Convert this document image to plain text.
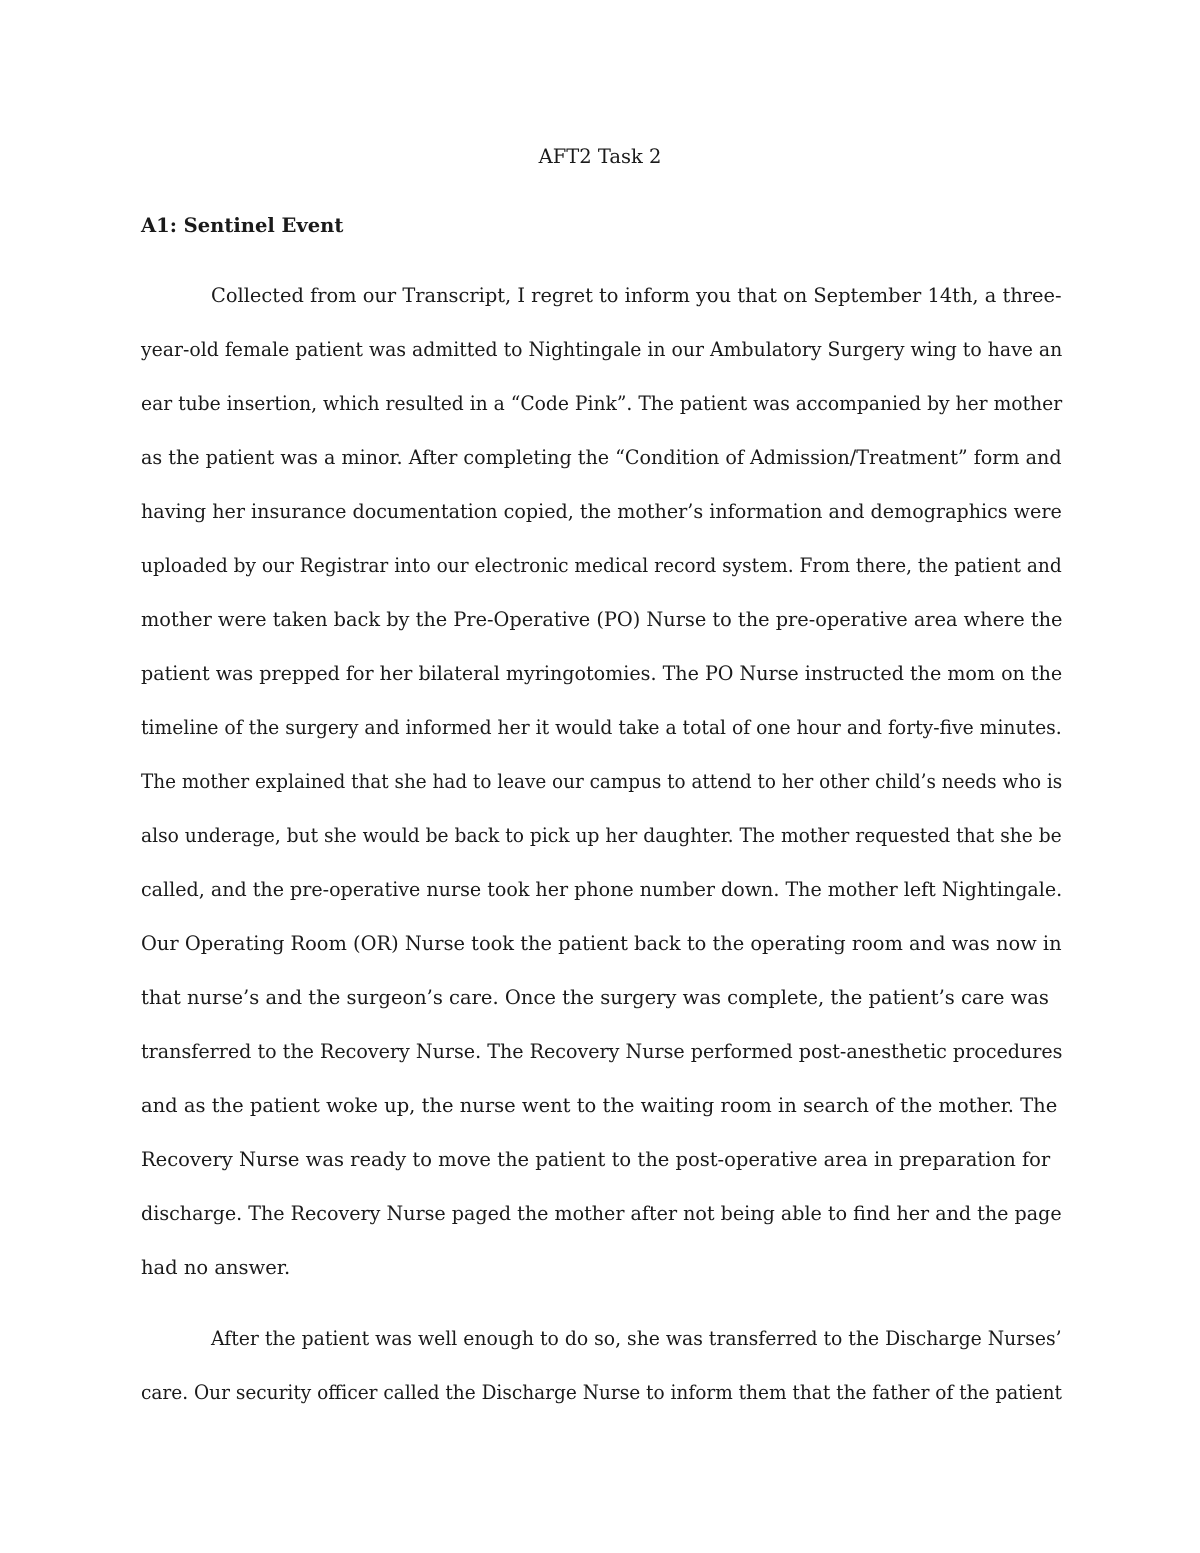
AFT2 Task 2
A1: Sentinel Event

Collected from our Transcript, I regret to inform you that on September 14th, a three-

year-old female patient was admitted to Nightingale in our Ambulatory Surgery wing to have an

ear tube insertion, which resulted in a “Code Pink”. The patient was accompanied by her mother

as the patient was a minor. After completing the “Condition of Admission/Treatment” form and

having her insurance documentation copied, the mother’s information and demographics were

uploaded by our Registrar into our electronic medical record system. From there, the patient and

mother were taken back by the Pre-Operative (PO) Nurse to the pre-operative area where the

patient was prepped for her bilateral myringotomies. The PO Nurse instructed the mom on the

timeline of the surgery and informed her it would take a total of one hour and forty-five minutes.

The mother explained that she had to leave our campus to attend to her other child’s needs who is

also underage, but she would be back to pick up her daughter. The mother requested that she be

called, and the pre-operative nurse took her phone number down. The mother left Nightingale.

Our Operating Room (OR) Nurse took the patient back to the operating room and was now in

that nurse’s and the surgeon’s care. Once the surgery was complete, the patient’s care was

transferred to the Recovery Nurse. The Recovery Nurse performed post-anesthetic procedures

and as the patient woke up, the nurse went to the waiting room in search of the mother. The

Recovery Nurse was ready to move the patient to the post-operative area in preparation for

discharge. The Recovery Nurse paged the mother after not being able to find her and the page

had no answer.

After the patient was well enough to do so, she was transferred to the Discharge Nurses’

care. Our security officer called the Discharge Nurse to inform them that the father of the patient
